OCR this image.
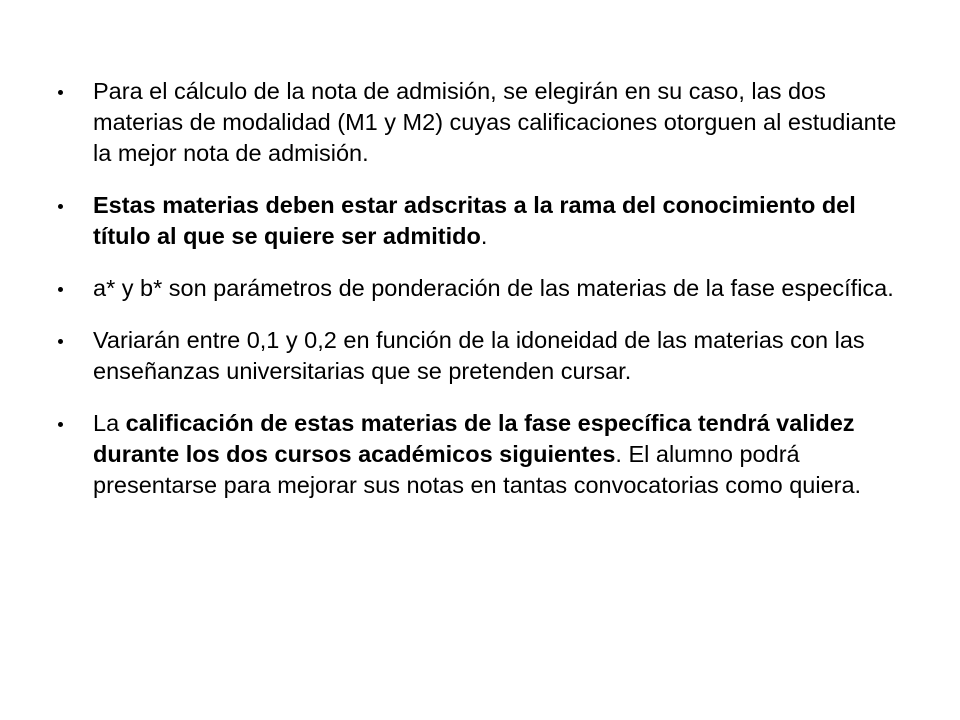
Para el cálculo de la nota de admisión, se elegirán en su caso, las dos materias de modalidad (M1 y M2) cuyas calificaciones otorguen al estudiante la mejor nota de admisión.
Estas materias deben estar adscritas a la rama del conocimiento del título al que se quiere ser admitido.
a* y b* son parámetros de ponderación de las materias de la fase específica.
Variarán entre 0,1 y 0,2 en función de la idoneidad de las materias con las enseñanzas universitarias que se pretenden cursar.
La calificación de estas materias de la fase específica tendrá validez durante los dos cursos académicos siguientes. El alumno podrá presentarse para mejorar sus notas en tantas convocatorias como quiera.
